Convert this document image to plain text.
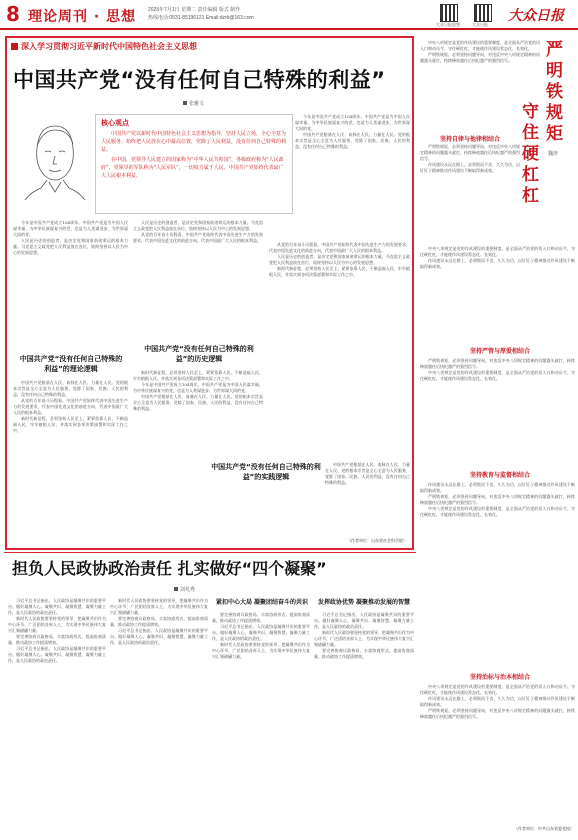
8 理论周刊 · 思想 2025年7月1日 星期二 责任编辑 版式 制作
热线电话:0531-85196121 Email:dzrb@163.com
大众日报思想	大众日报
大众日报
深入学习贯彻习近平新时代中国特色社会主义思想
中国共产党“没有任何自己特殊的利益”
张雅文
核心观点
中国共产党以新时代中国特色社会主义思想为指导，坚持人民立场，全心全意为人民服务，始终把人民放在心中最高位置，党除了人民利益，没有任何自己特殊的利益。
在中国，党领导人民建立的国家称为“中华人民共和国”，各级政府称为“人民政府”，党领导的军队称为“人民军队”，一切权力属于人民，中国共产党始终代表最广大人民根本利益。

今年是中国共产党成立104周年。中国共产党是为中国人民谋幸福、为中华民族谋复兴的党，也是为人类谋进步、为世界谋大同的党。

中国共产党根基在人民、血脉在人民、力量在人民。党的根本宗旨是全心全意为人民服务，党除了国家、民族、人民的利益，没有任何自己特殊的利益。

今年是中国共产党成立104周年。中国共产党是为中国人民谋幸福、为中华民族谋复兴的党，也是为人类谋进步、为世界谋大同的党。

人民是历史的创造者，是决定党和国家前途命运的根本力量。马克思主义政党把人民利益放在首位，始终坚持以人民为中心的发展思想。

中国共产党“没有任何自己特殊的利益”的理论逻辑

中国共产党根基在人民、血脉在人民、力量在人民。党的根本宗旨是全心全意为人民服务，党除了国家、民族、人民的利益，没有任何自己特殊的利益。

从党的百年奋斗历程看，中国共产党始终代表中国先进生产力的发展要求，代表中国先进文化的前进方向，代表中国最广大人民的根本利益。

新时代新征程，必须坚持人民至上，紧紧依靠人民，不断造福人民，牢牢植根人民，并落实到各项决策部署和实际工作之中。

人民是历史的创造者，是决定党和国家前途命运的根本力量。马克思主义政党把人民利益放在首位，始终坚持以人民为中心的发展思想。

从党的百年奋斗历程看，中国共产党始终代表中国先进生产力的发展要求，代表中国先进文化的前进方向，代表中国最广大人民的根本利益。

中国共产党“没有任何自己特殊的利益”的历史逻辑

新时代新征程，必须坚持人民至上，紧紧依靠人民，不断造福人民，牢牢植根人民，并落实到各项决策部署和实际工作之中。

今年是中国共产党成立104周年。中国共产党是为中国人民谋幸福、为中华民族谋复兴的党，也是为人类谋进步、为世界谋大同的党。

中国共产党根基在人民、血脉在人民、力量在人民。党的根本宗旨是全心全意为人民服务，党除了国家、民族、人民的利益，没有任何自己特殊的利益。

从党的百年奋斗历程看，中国共产党始终代表中国先进生产力的发展要求，代表中国先进文化的前进方向，代表中国最广大人民的根本利益。

人民是历史的创造者，是决定党和国家前途命运的根本力量。马克思主义政党把人民利益放在首位，始终坚持以人民为中心的发展思想。

新时代新征程，必须坚持人民至上，紧紧依靠人民，不断造福人民，牢牢植根人民，并落实到各项决策部署和实际工作之中。

中国共产党“没有任何自己特殊的利益”的实践逻辑

中国共产党根基在人民、血脉在人民、力量在人民。党的根本宗旨是全心全意为人民服务，党除了国家、民族、人民的利益，没有任何自己特殊的利益。

（作者单位：山东省社会科学院）

中央八项规定是党的作风建设的重要制度，是全面从严治党的切入口和动员令。守住硬杠杠，才能使作风建设常态化、长效化。

严明铁规矩，必须坚持问题导向，对违反中央八项规定精神的问题露头就打，持续释放越往后执纪越严的强烈信号。

严明铁规矩
守住硬杠杠
魏涛
坚持自律与他律相结合

严明铁规矩，必须坚持问题导向，对违反中央八项规定精神的问题露头就打，持续释放越往后执纪越严的强烈信号。

作风建设永远在路上，必须锲而不舍、久久为功，以钉钉子精神推动作风建设不断取得新成效。

中央八项规定是党的作风建设的重要制度，是全面从严治党的切入口和动员令。守住硬杠杠，才能使作风建设常态化、长效化。

作风建设永远在路上，必须锲而不舍、久久为功，以钉钉子精神推动作风建设不断取得新成效。

坚持严管与厚爱相结合

严明铁规矩，必须坚持问题导向，对违反中央八项规定精神的问题露头就打，持续释放越往后执纪越严的强烈信号。

中央八项规定是党的作风建设的重要制度，是全面从严治党的切入口和动员令。守住硬杠杠，才能使作风建设常态化、长效化。

坚持教育与监督相结合

作风建设永远在路上，必须锲而不舍、久久为功，以钉钉子精神推动作风建设不断取得新成效。

严明铁规矩，必须坚持问题导向，对违反中央八项规定精神的问题露头就打，持续释放越往后执纪越严的强烈信号。

中央八项规定是党的作风建设的重要制度，是全面从严治党的切入口和动员令。守住硬杠杠，才能使作风建设常态化、长效化。

坚持治标与治本相结合

中央八项规定是党的作风建设的重要制度，是全面从严治党的切入口和动员令。守住硬杠杠，才能使作风建设常态化、长效化。

作风建设永远在路上，必须锲而不舍、久久为功，以钉钉子精神推动作风建设不断取得新成效。

严明铁规矩，必须坚持问题导向，对违反中央八项规定精神的问题露头就打，持续释放越往后执纪越严的强烈信号。

（作者单位：中共山东省委党校）
担负人民政协政治责任 扎实做好“四个凝聚”
刘兆秀

习近平总书记指出，人民政协是凝聚共识的重要平台。做好凝聚人心、凝聚共识、凝聚智慧、凝聚力量工作，是人民政协的政治责任。

新时代人民政协要坚持党的领导，把凝聚共识作为中心环节，广泛团结各界人士，为实现中华民族伟大复兴汇聚磅礴力量。

要完善协商议政格局，丰富协商形式，提高协商质量，推动政协工作提质增效。

习近平总书记指出，人民政协是凝聚共识的重要平台。做好凝聚人心、凝聚共识、凝聚智慧、凝聚力量工作，是人民政协的政治责任。

新时代人民政协要坚持党的领导，把凝聚共识作为中心环节，广泛团结各界人士，为实现中华民族伟大复兴汇聚磅礴力量。

要完善协商议政格局，丰富协商形式，提高协商质量，推动政协工作提质增效。

习近平总书记指出，人民政协是凝聚共识的重要平台。做好凝聚人心、凝聚共识、凝聚智慧、凝聚力量工作，是人民政协的政治责任。

紧扣中心大局 凝聚团结奋斗的共识

要完善协商议政格局，丰富协商形式，提高协商质量，推动政协工作提质增效。

习近平总书记指出，人民政协是凝聚共识的重要平台。做好凝聚人心、凝聚共识、凝聚智慧、凝聚力量工作，是人民政协的政治责任。

新时代人民政协要坚持党的领导，把凝聚共识作为中心环节，广泛团结各界人士，为实现中华民族伟大复兴汇聚磅礴力量。

发挥政协优势 凝聚推动发展的智慧

习近平总书记指出，人民政协是凝聚共识的重要平台。做好凝聚人心、凝聚共识、凝聚智慧、凝聚力量工作，是人民政协的政治责任。

新时代人民政协要坚持党的领导，把凝聚共识作为中心环节，广泛团结各界人士，为实现中华民族伟大复兴汇聚磅礴力量。

要完善协商议政格局，丰富协商形式，提高协商质量，推动政协工作提质增效。
